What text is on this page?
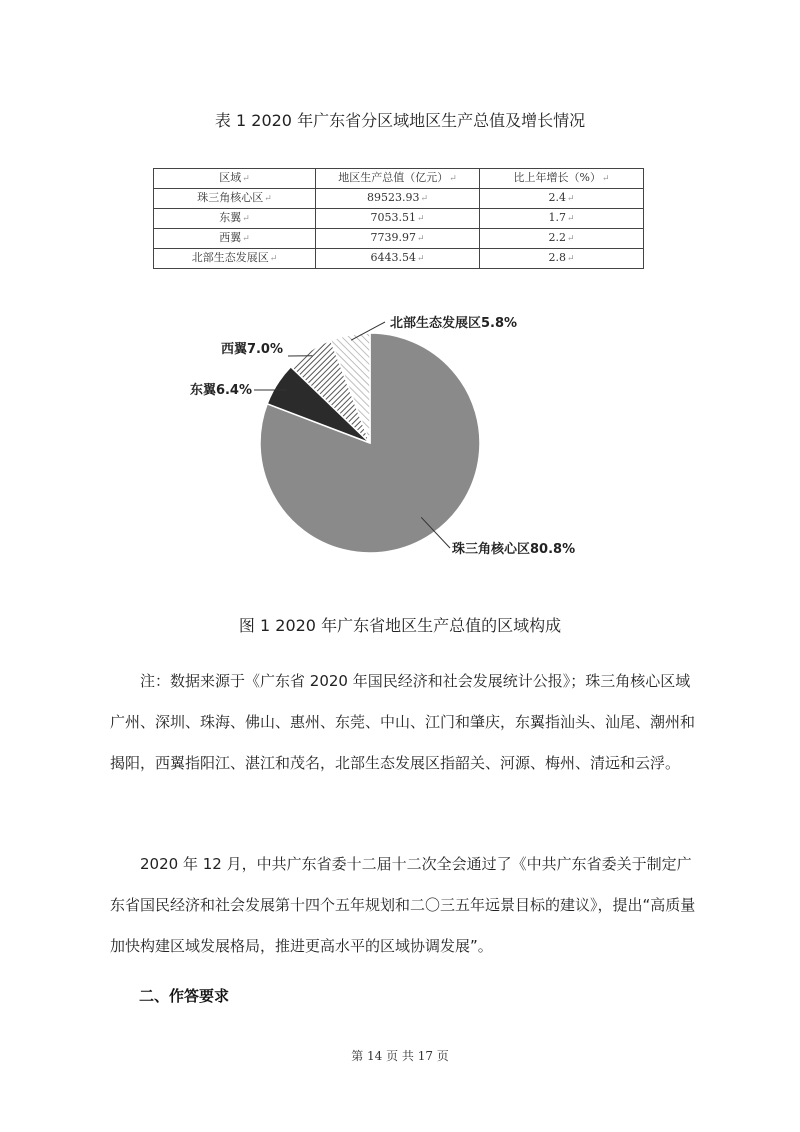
表 1 2020 年广东省分区域地区生产总值及增长情况
区域↵	地区生产总值（亿元）↵	比上年增长（%）↵
珠三角核心区↵	89523.93↵	2.4↵
东翼↵	7053.51↵	1.7↵
西翼↵	7739.97↵	2.2↵
北部生态发展区↵	6443.54↵	2.8↵
珠三角核心区80.8%
东翼6.4%
西翼7.0%
北部生态发展区5.8%
图 1 2020 年广东省地区生产总值的区域构成

注：数据来源于《广东省 2020 年国民经济和社会发展统计公报》；珠三角核心区域广州、深圳、珠海、佛山、惠州、东莞、中山、江门和肇庆，东翼指汕头、汕尾、潮州和揭阳，西翼指阳江、湛江和茂名，北部生态发展区指韶关、河源、梅州、清远和云浮。

2020 年 12 月，中共广东省委十二届十二次全会通过了《中共广东省委关于制定广东省国民经济和社会发展第十四个五年规划和二〇三五年远景目标的建议》，提出“高质量加快构建区域发展格局，推进更高水平的区域协调发展”。

二、作答要求
第 14 页 共 17 页
